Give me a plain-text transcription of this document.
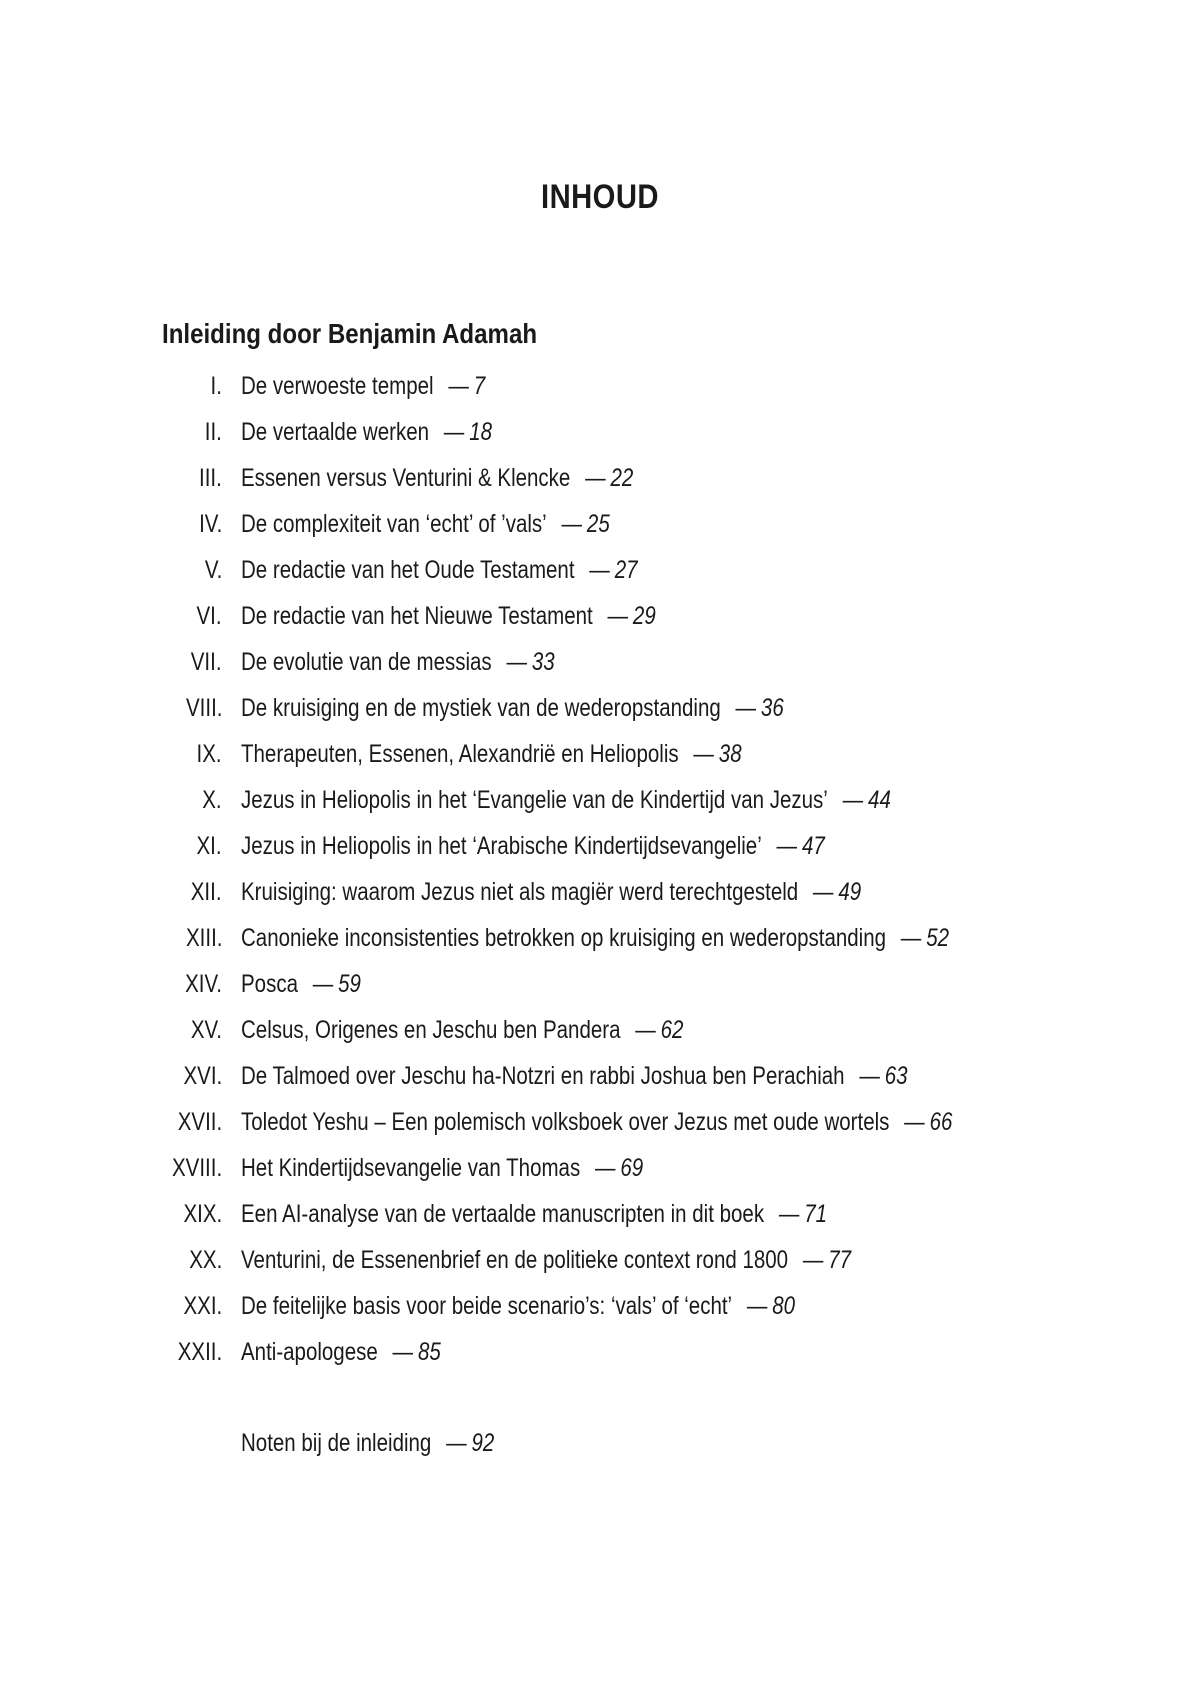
INHOUD
Inleiding door Benjamin Adamah
I. De verwoeste tempel — 7
II. De vertaalde werken — 18
III. Essenen versus Venturini & Klencke — 22
IV. De complexiteit van ‘echt’ of ’vals’ — 25
V. De redactie van het Oude Testament — 27
VI. De redactie van het Nieuwe Testament — 29
VII. De evolutie van de messias — 33
VIII. De kruisiging en de mystiek van de wederopstanding — 36
IX. Therapeuten, Essenen, Alexandrië en Heliopolis — 38
X. Jezus in Heliopolis in het ‘Evangelie van de Kindertijd van Jezus’ — 44
XI. Jezus in Heliopolis in het ‘Arabische Kindertijdsevangelie’ — 47
XII. Kruisiging: waarom Jezus niet als magiër werd terechtgesteld — 49
XIII. Canonieke inconsistenties betrokken op kruisiging en wederopstanding — 52
XIV. Posca — 59
XV. Celsus, Origenes en Jeschu ben Pandera — 62
XVI. De Talmoed over Jeschu ha-Notzri en rabbi Joshua ben Perachiah — 63
XVII. Toledot Yeshu – Een polemisch volksboek over Jezus met oude wortels — 66
XVIII. Het Kindertijdsevangelie van Thomas — 69
XIX. Een AI-analyse van de vertaalde manuscripten in dit boek — 71
XX. Venturini, de Essenenbrief en de politieke context rond 1800 — 77
XXI. De feitelijke basis voor beide scenario’s: ‘vals’ of ‘echt’ — 80
XXII. Anti-apologese — 85
Noten bij de inleiding — 92
